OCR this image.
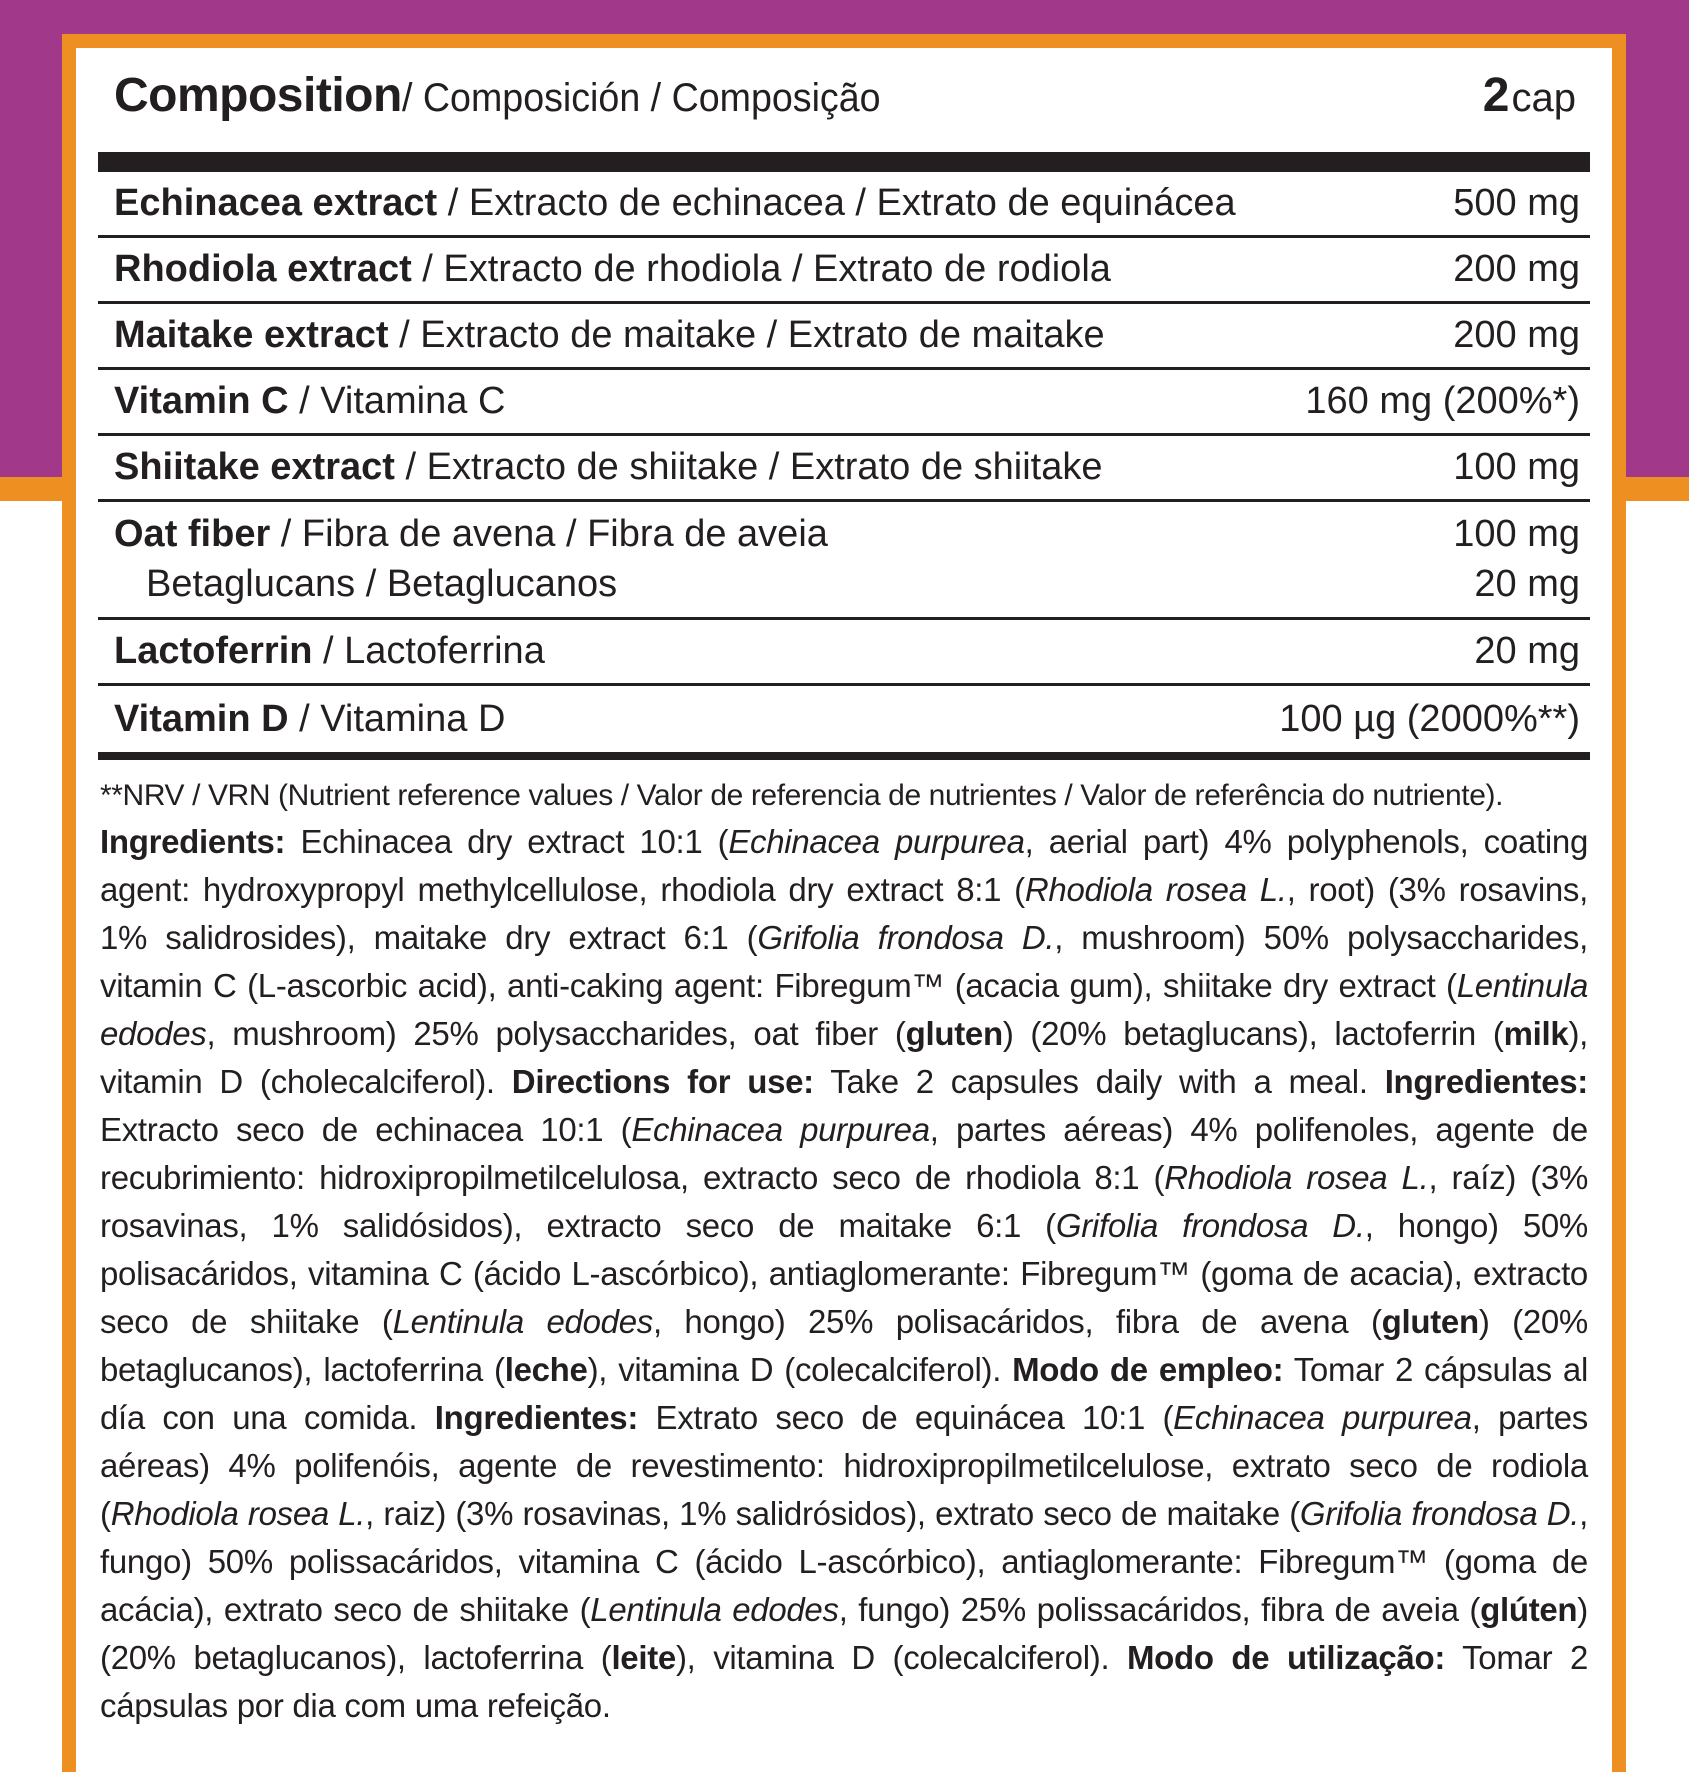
Composition/ Composición / Composição	2cap
Echinacea extract / Extracto de echinacea / Extrato de equinácea	500 mg
Rhodiola extract / Extracto de rhodiola / Extrato de rodiola	200 mg
Maitake extract / Extracto de maitake / Extrato de maitake	200 mg
Vitamin C / Vitamina C	160 mg (200%*)
Shiitake extract / Extracto de shiitake / Extrato de shiitake	100 mg
Oat fiber / Fibra de avena / Fibra de aveia	100 mg
Betaglucans / Betaglucanos	20 mg
Lactoferrin / Lactoferrina	20 mg
Vitamin D / Vitamina D	100 µg (2000%**)
**NRV / VRN (Nutrient reference values / Valor de referencia de nutrientes / Valor de referência do nutriente).
Ingredients: Echinacea dry extract 10:1 (Echinacea purpurea, aerial part) 4% polyphenols, coating agent: hydroxypropyl methylcellulose, rhodiola dry extract 8:1 (Rhodiola rosea L., root) (3% rosavins, 1% salidrosides), maitake dry extract 6:1 (Grifolia frondosa D., mushroom) 50% polysaccharides, vitamin C (L-ascorbic acid), anti-caking agent: Fibregum™ (acacia gum), shiitake dry extract (Lentinula edodes, mushroom) 25% polysaccharides, oat fiber (gluten) (20% betaglucans), lactoferrin (milk), vitamin D (cholecalciferol). Directions for use: Take 2 capsules daily with a meal. Ingredientes: Extracto seco de echinacea 10:1 (Echinacea purpurea, partes aéreas) 4% polifenoles, agente de recubrimiento: hidroxipropilmetilcelulosa, extracto seco de rhodiola 8:1 (Rhodiola rosea L., raíz) (3% rosavinas, 1% salidósidos), extracto seco de maitake 6:1 (Grifolia frondosa D., hongo) 50% polisacáridos, vitamina C (ácido L-ascórbico), antiaglomerante: Fibregum™ (goma de acacia), extracto seco de shiitake (Lentinula edodes, hongo) 25% polisacáridos, fibra de avena (gluten) (20% betaglucanos), lactoferrina (leche), vitamina D (colecalciferol). Modo de empleo: Tomar 2 cápsulas al día con una comida. Ingredientes: Extrato seco de equinácea 10:1 (Echinacea purpurea, partes aéreas) 4% polifenóis, agente de revestimento: hidroxipropilmetilcelulose, extrato seco de rodiola (Rhodiola rosea L., raiz) (3% rosavinas, 1% salidrósidos), extrato seco de maitake (Grifolia frondosa D., fungo) 50% polissacáridos, vitamina C (ácido L-ascórbico), antiaglomerante: Fibregum™ (goma de acácia), extrato seco de shiitake (Lentinula edodes, fungo) 25% polissacáridos, fibra de aveia (glúten) (20% betaglucanos), lactoferrina (leite), vitamina D (colecalciferol). Modo de utilização: Tomar 2 cápsulas por dia com uma refeição.
